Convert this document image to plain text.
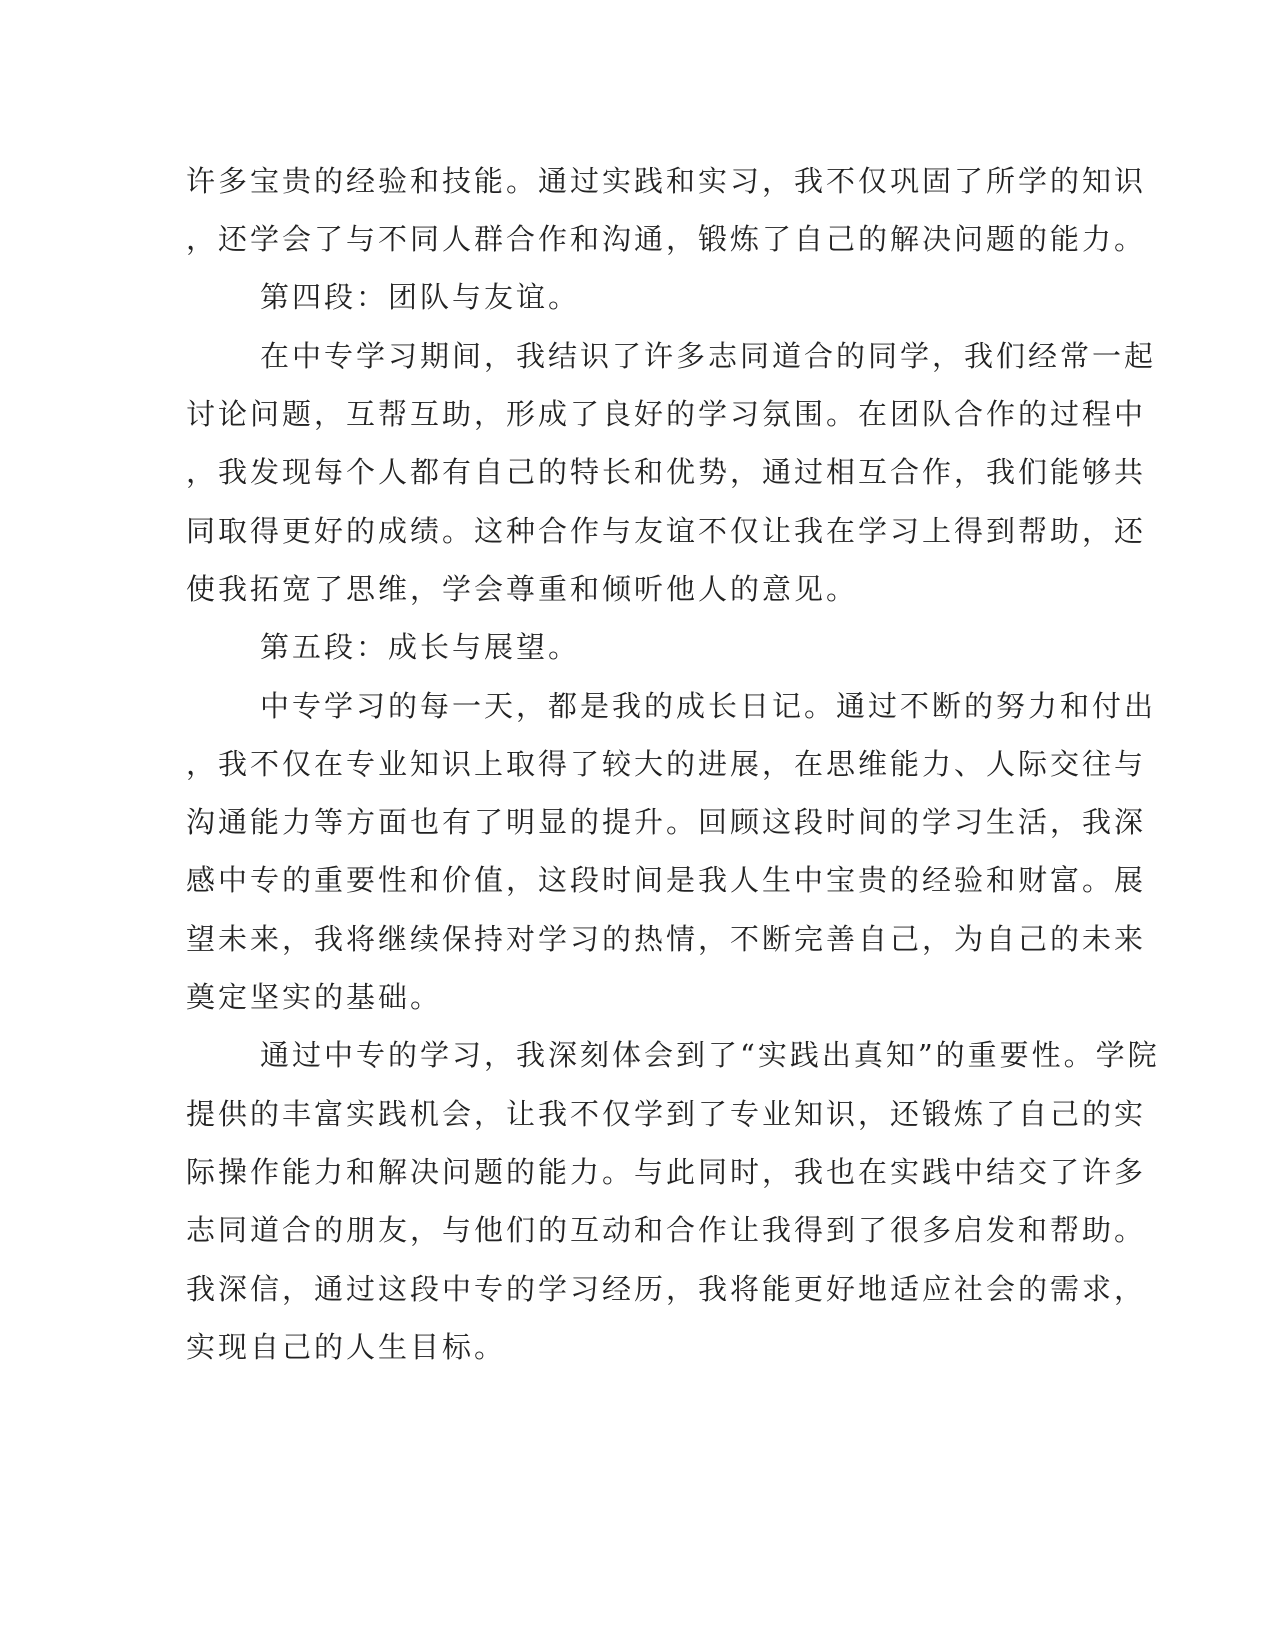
许多宝贵的经验和技能。通过实践和实习，我不仅巩固了所学的知识
，还学会了与不同人群合作和沟通，锻炼了自己的解决问题的能力。
第四段：团队与友谊。
在中专学习期间，我结识了许多志同道合的同学，我们经常一起
讨论问题，互帮互助，形成了良好的学习氛围。在团队合作的过程中
，我发现每个人都有自己的特长和优势，通过相互合作，我们能够共
同取得更好的成绩。这种合作与友谊不仅让我在学习上得到帮助，还
使我拓宽了思维，学会尊重和倾听他人的意见。
第五段：成长与展望。
中专学习的每一天，都是我的成长日记。通过不断的努力和付出
，我不仅在专业知识上取得了较大的进展，在思维能力、人际交往与
沟通能力等方面也有了明显的提升。回顾这段时间的学习生活，我深
感中专的重要性和价值，这段时间是我人生中宝贵的经验和财富。展
望未来，我将继续保持对学习的热情，不断完善自己，为自己的未来
奠定坚实的基础。
通过中专的学习，我深刻体会到了“实践出真知”的重要性。学院
提供的丰富实践机会，让我不仅学到了专业知识，还锻炼了自己的实
际操作能力和解决问题的能力。与此同时，我也在实践中结交了许多
志同道合的朋友，与他们的互动和合作让我得到了很多启发和帮助。
我深信，通过这段中专的学习经历，我将能更好地适应社会的需求，
实现自己的人生目标。
